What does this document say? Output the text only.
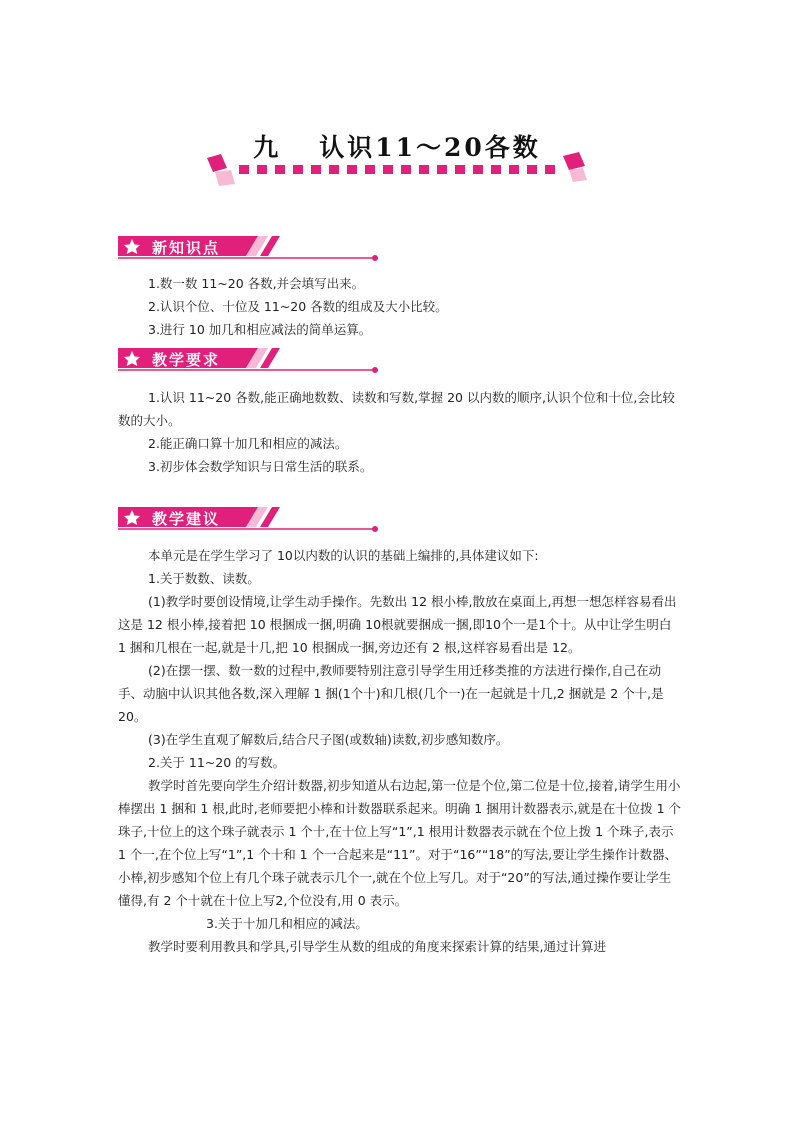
九 认识11～20各数
新知识点

1.数一数 11~20 各数,并会填写出来。

2.认识个位、十位及 11~20 各数的组成及大小比较。

3.进行 10 加几和相应减法的简单运算。

教学要求

1.认识 11~20 各数,能正确地数数、读数和写数,掌握 20 以内数的顺序,认识个位和十位,会比较数的大小。

2.能正确口算十加几和相应的减法。

3.初步体会数学知识与日常生活的联系。

教学建议

本单元是在学生学习了 10以内数的认识的基础上编排的,具体建议如下:

1.关于数数、读数。

(1)教学时要创设情境,让学生动手操作。先数出 12 根小棒,散放在桌面上,再想一想怎样容易看出这是 12 根小棒,接着把 10 根捆成一捆,明确 10根就要捆成一捆,即10个一是1个十。从中让学生明白 1 捆和几根在一起,就是十几,把 10 根捆成一捆,旁边还有 2 根,这样容易看出是 12。

(2)在摆一摆、数一数的过程中,教师要特别注意引导学生用迁移类推的方法进行操作,自己在动手、动脑中认识其他各数,深入理解 1 捆(1个十)和几根(几个一)在一起就是十几,2 捆就是 2 个十,是 20。

(3)在学生直观了解数后,结合尺子图(或数轴)读数,初步感知数序。

2.关于 11~20 的写数。

教学时首先要向学生介绍计数器,初步知道从右边起,第一位是个位,第二位是十位,接着,请学生用小棒摆出 1 捆和 1 根,此时,老师要把小棒和计数器联系起来。明确 1 捆用计数器表示,就是在十位拨 1 个珠子,十位上的这个珠子就表示 1 个十,在十位上写“1”,1 根用计数器表示就在个位上拨 1 个珠子,表示 1 个一,在个位上写“1”,1 个十和 1 个一合起来是“11”。对于“16”“18”的写法,要让学生操作计数器、小棒,初步感知个位上有几个珠子就表示几个一,就在个位上写几。对于“20”的写法,通过操作要让学生懂得,有 2 个十就在十位上写2,个位没有,用 0 表示。

3.关于十加几和相应的减法。

教学时要利用教具和学具,引导学生从数的组成的角度来探索计算的结果,通过计算进
